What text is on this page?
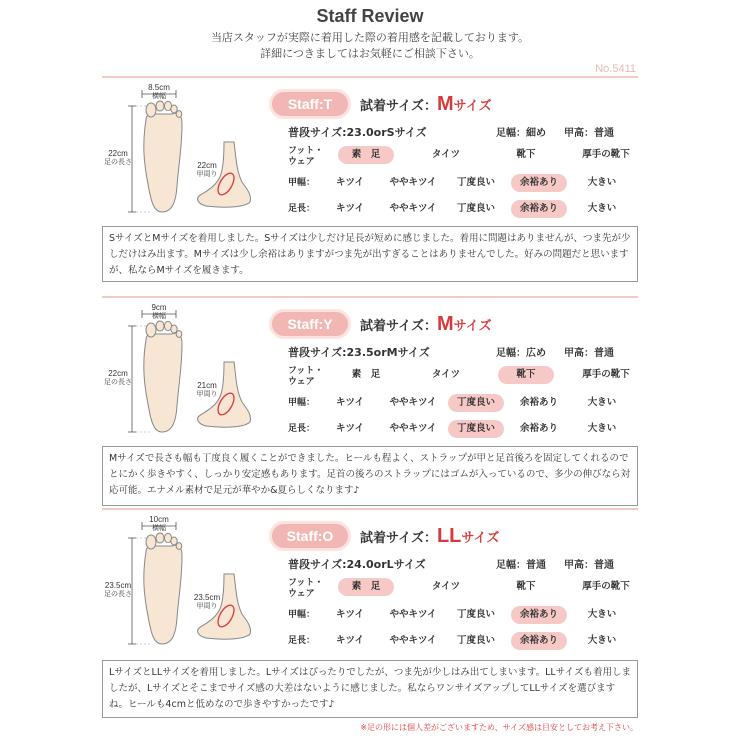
Staff Review
当店スタッフが実際に着用した際の着用感を記載しております。
詳細につきましてはお気軽にご相談下さい。
No.5411
8.5cm
横幅
22cm
足の長さ	22cm
甲周り
Staff:T	試着サイズ：Mサイズ
普段サイズ:23.0orSサイズ	足幅：細め 甲高：普通
フット・ウェア
素　足	タイツ	靴下	厚手の靴下
甲幅：	キツイ	ややキツイ	丁度良い	余裕あり	大きい
足長：	キツイ	ややキツイ	丁度良い	余裕あり	大きい
SサイズとMサイズを着用しました。Sサイズは少しだけ足長が短めに感じました。着用に問題はありませんが、つま先が少しだけはみ出ます。Mサイズは少し余裕はありますがつま先が出すぎることはありませんでした。好みの問題だと思いますが、私ならMサイズを履きます。
9cm
横幅
22cm
足の長さ	21cm
甲周り
Staff:Y	試着サイズ：Mサイズ
普段サイズ:23.5orMサイズ	足幅：広め 甲高：普通
フット・ウェア
素　足	タイツ	靴下	厚手の靴下
甲幅：	キツイ	ややキツイ	丁度良い	余裕あり	大きい
足長：	キツイ	ややキツイ	丁度良い	余裕あり	大きい
Mサイズで長さも幅も丁度良く履くことができました。ヒールも程よく、ストラップが甲と足首後ろを固定してくれるのでとにかく歩きやすく、しっかり安定感もあります。足首の後ろのストラップにはゴムが入っているので、多少の伸びなら対応可能。エナメル素材で足元が華やか&夏らしくなります♪
10cm
横幅
23.5cm
足の長さ	23.5cm
甲周り
Staff:O	試着サイズ：LLサイズ
普段サイズ:24.0orLサイズ	足幅：普通 甲高：普通
フット・ウェア
素　足	タイツ	靴下	厚手の靴下
甲幅：	キツイ	ややキツイ	丁度良い	余裕あり	大きい
足長：	キツイ	ややキツイ	丁度良い	余裕あり	大きい
LサイズとLLサイズを着用しました。Lサイズはぴったりでしたが、つま先が少しはみ出てしまいます。LLサイズも着用しましたが、Lサイズとそこまでサイズ感の大差はないように感じました。私ならワンサイズアップしてLLサイズを選びますね。ヒールも4cmと低めなので歩きやすかったです♪
※足の形には個人差がございますため、サイズ感は目安としてお考え下さい。
